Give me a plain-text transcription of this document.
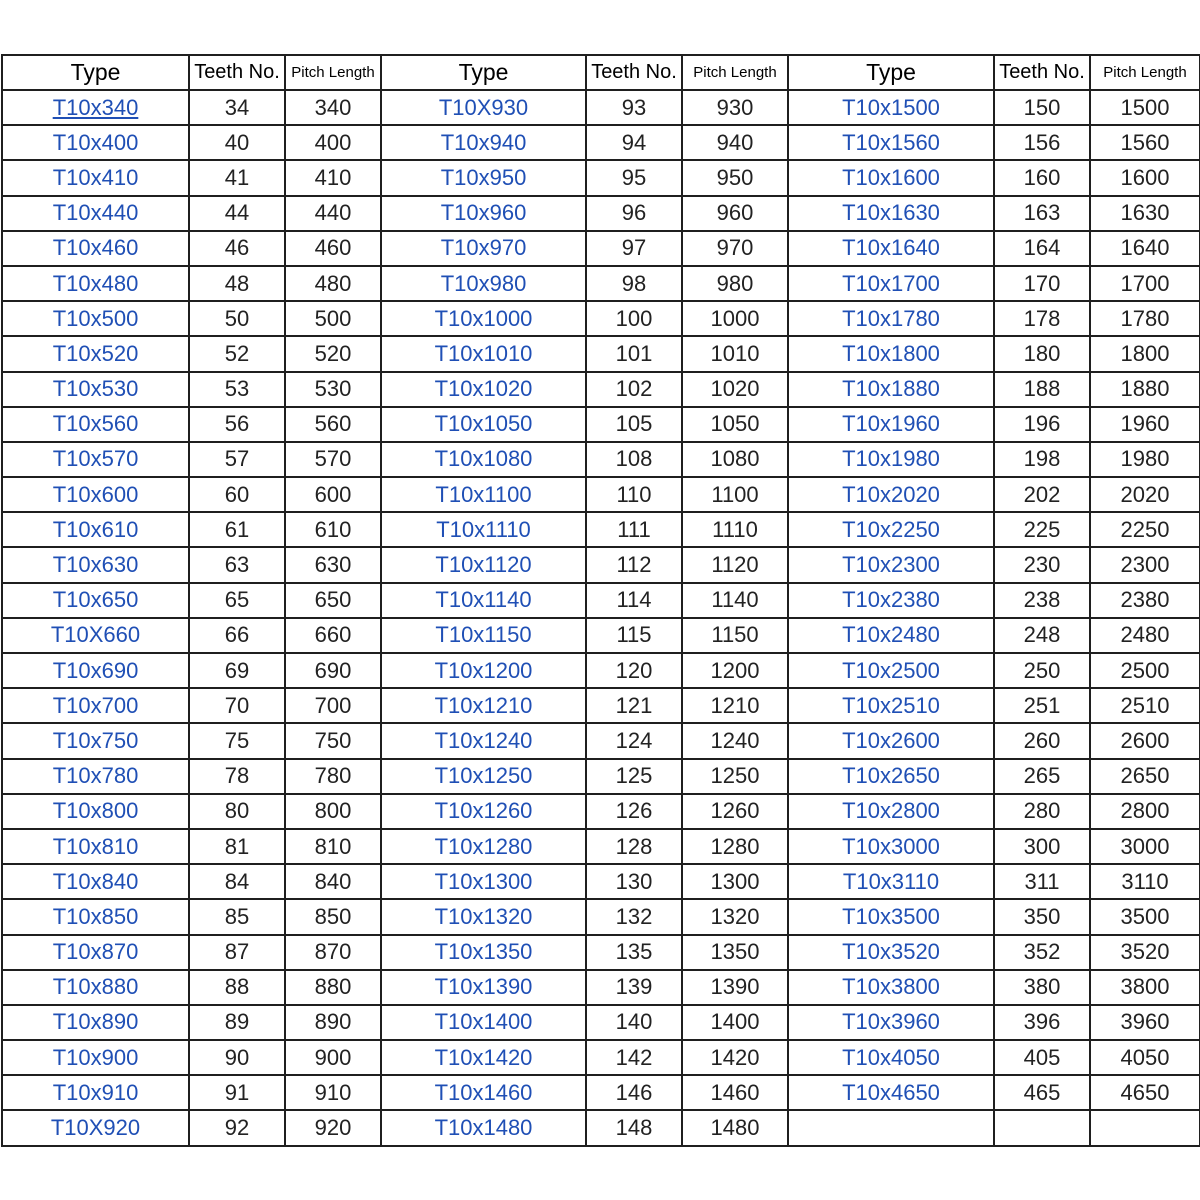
Type	Teeth No.	Pitch Length	Type	Teeth No.	Pitch Length	Type	Teeth No.	Pitch Length
T10x340	34	340	T10X930	93	930	T10x1500	150	1500
T10x400	40	400	T10x940	94	940	T10x1560	156	1560
T10x410	41	410	T10x950	95	950	T10x1600	160	1600
T10x440	44	440	T10x960	96	960	T10x1630	163	1630
T10x460	46	460	T10x970	97	970	T10x1640	164	1640
T10x480	48	480	T10x980	98	980	T10x1700	170	1700
T10x500	50	500	T10x1000	100	1000	T10x1780	178	1780
T10x520	52	520	T10x1010	101	1010	T10x1800	180	1800
T10x530	53	530	T10x1020	102	1020	T10x1880	188	1880
T10x560	56	560	T10x1050	105	1050	T10x1960	196	1960
T10x570	57	570	T10x1080	108	1080	T10x1980	198	1980
T10x600	60	600	T10x1100	110	1100	T10x2020	202	2020
T10x610	61	610	T10x1110	111	1110	T10x2250	225	2250
T10x630	63	630	T10x1120	112	1120	T10x2300	230	2300
T10x650	65	650	T10x1140	114	1140	T10x2380	238	2380
T10X660	66	660	T10x1150	115	1150	T10x2480	248	2480
T10x690	69	690	T10x1200	120	1200	T10x2500	250	2500
T10x700	70	700	T10x1210	121	1210	T10x2510	251	2510
T10x750	75	750	T10x1240	124	1240	T10x2600	260	2600
T10x780	78	780	T10x1250	125	1250	T10x2650	265	2650
T10x800	80	800	T10x1260	126	1260	T10x2800	280	2800
T10x810	81	810	T10x1280	128	1280	T10x3000	300	3000
T10x840	84	840	T10x1300	130	1300	T10x3110	311	3110
T10x850	85	850	T10x1320	132	1320	T10x3500	350	3500
T10x870	87	870	T10x1350	135	1350	T10x3520	352	3520
T10x880	88	880	T10x1390	139	1390	T10x3800	380	3800
T10x890	89	890	T10x1400	140	1400	T10x3960	396	3960
T10x900	90	900	T10x1420	142	1420	T10x4050	405	4050
T10x910	91	910	T10x1460	146	1460	T10x4650	465	4650
T10X920	92	920	T10x1480	148	1480			
